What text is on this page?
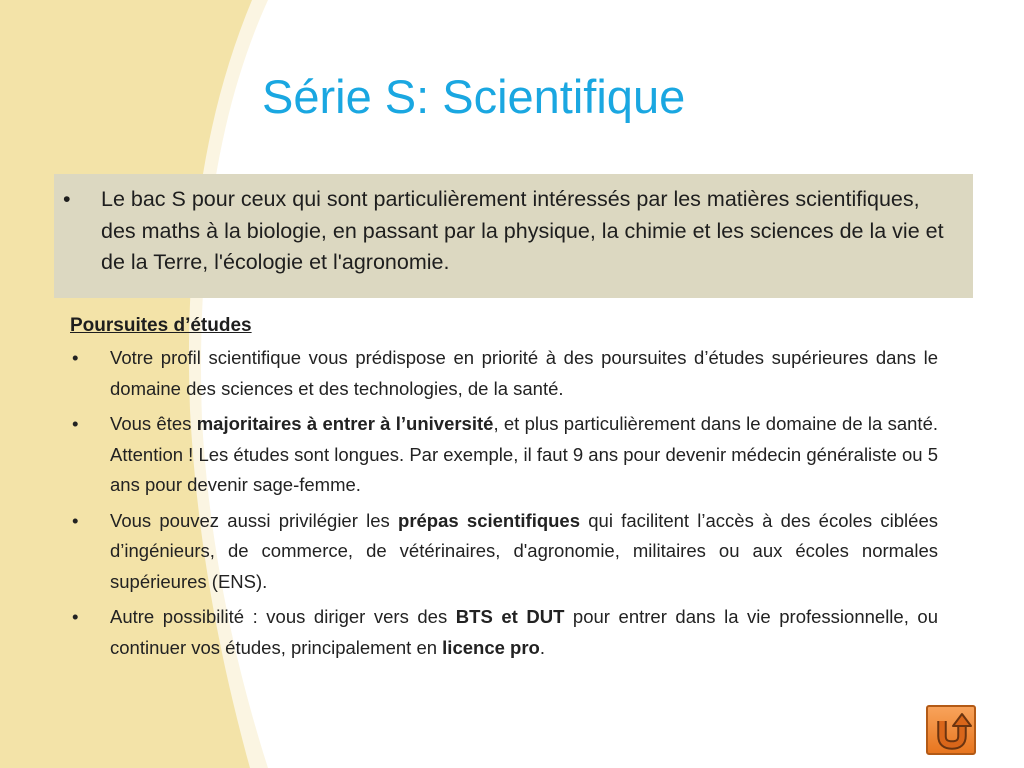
Série S: Scientifique

• Le bac S pour ceux qui sont particulièrement intéressés par les matières scientifiques, des maths à la biologie, en passant par la physique, la chimie et les sciences de la vie et de la Terre, l'écologie et l'agronomie.

Poursuites d’études
• Votre profil scientifique vous prédispose en priorité à des poursuites d’études supérieures dans le domaine des sciences et des technologies, de la santé.
• Vous êtes majoritaires à entrer à l’université, et plus particulièrement dans le domaine de la santé. Attention ! Les études sont longues. Par exemple, il faut 9 ans pour devenir médecin généraliste ou 5 ans pour devenir sage-femme.
• Vous pouvez aussi privilégier les prépas scientifiques qui facilitent l’accès à des écoles ciblées d’ingénieurs, de commerce, de vétérinaires, d'agronomie, militaires ou aux écoles normales supérieures (ENS).
• Autre possibilité : vous diriger vers des BTS et DUT pour entrer dans la vie professionnelle, ou continuer vos études, principalement en licence pro.
